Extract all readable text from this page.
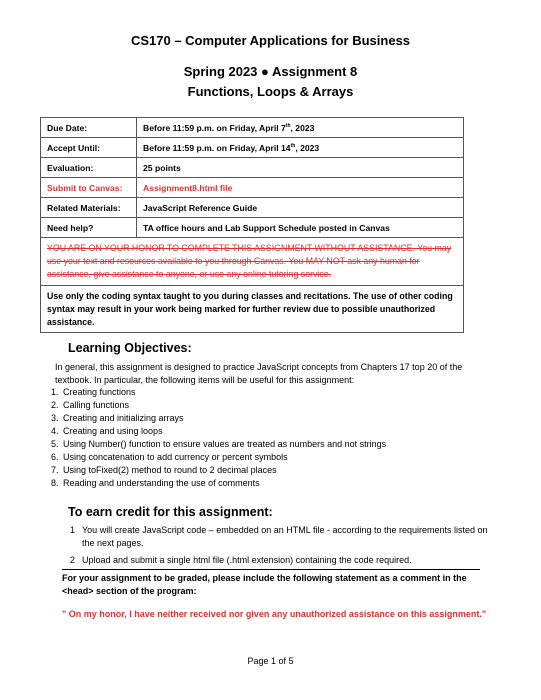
CS170 – Computer Applications for Business
Spring 2023 ● Assignment 8
Functions, Loops & Arrays
Due Date:	Before 11:59 p.m. on Friday, April 7th, 2023
Accept Until:	Before 11:59 p.m. on Friday, April 14th, 2023
Evaluation:	25 points
Submit to Canvas:	Assignment8.html file
Related Materials:	JavaScript Reference Guide
Need help?	TA office hours and Lab Support Schedule posted in Canvas
YOU ARE ON YOUR HONOR TO COMPLETE THIS ASSIGNMENT WITHOUT ASSISTANCE. You may use your text and resources available to you through Canvas. You MAY NOT ask any human for assistance, give assistance to anyone, or use any online tutoring service.	
Use only the coding syntax taught to you during classes and recitations. The use of other coding syntax may result in your work being marked for further review due to possible unauthorized assistance.	
Learning Objectives:
In general, this assignment is designed to practice JavaScript concepts from Chapters 17 top 20 of the textbook. In particular, the following items will be useful for this assignment:
1. Creating functions
2. Calling functions
3. Creating and initializing arrays
4. Creating and using loops
5. Using Number() function to ensure values are treated as numbers and not strings
6. Using concatenation to add currency or percent symbols
7. Using toFixed(2) method to round to 2 decimal places
8. Reading and understanding the use of comments
To earn credit for this assignment:
1 You will create JavaScript code – embedded on an HTML file - according to the requirements listed on the next pages.
2 Upload and submit a single html file (.html extension) containing the code required.
For your assignment to be graded, please include the following statement as a comment in the <head> section of the program:
" On my honor, I have neither received nor given any unauthorized assistance on this assignment."
Page 1 of 5
